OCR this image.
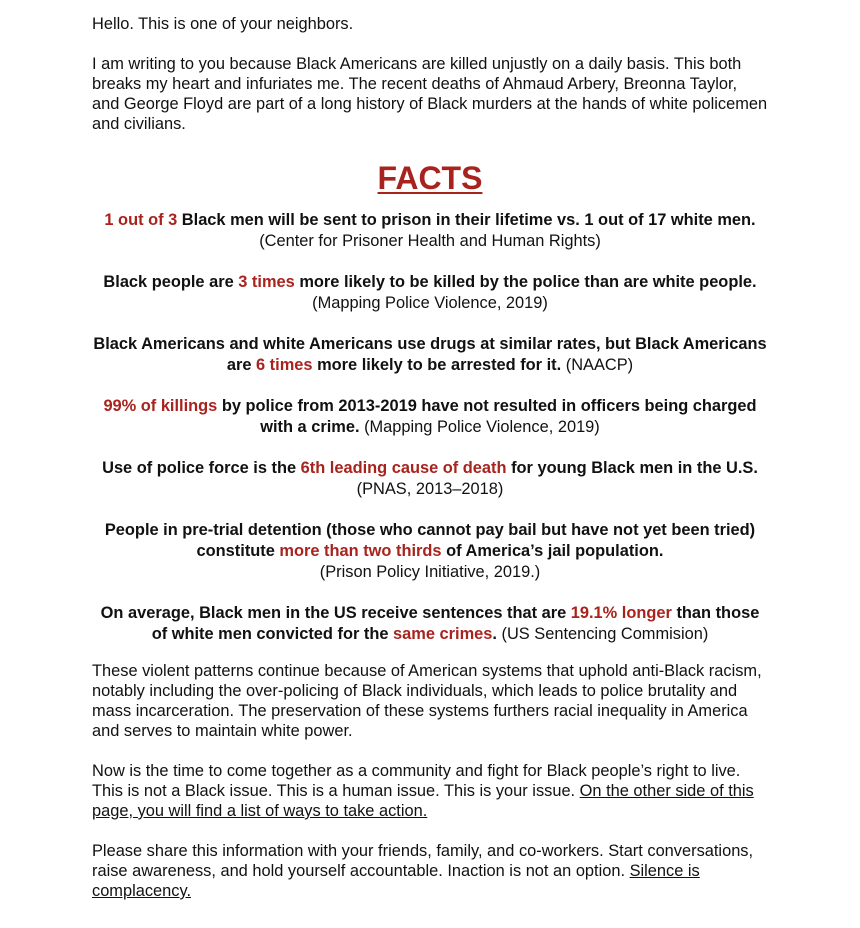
Hello. This is one of your neighbors.

I am writing to you because Black Americans are killed unjustly on a daily basis. This both breaks my heart and infuriates me. The recent deaths of Ahmaud Arbery, Breonna Taylor, and George Floyd are part of a long history of Black murders at the hands of white policemen and civilians.

FACTS

1 out of 3 Black men will be sent to prison in their lifetime vs. 1 out of 17 white men. (Center for Prisoner Health and Human Rights)

Black people are 3 times more likely to be killed by the police than are white people. (Mapping Police Violence, 2019)

Black Americans and white Americans use drugs at similar rates, but Black Americans are 6 times more likely to be arrested for it. (NAACP)

99% of killings by police from 2013-2019 have not resulted in officers being charged with a crime. (Mapping Police Violence, 2019)

Use of police force is the 6th leading cause of death for young Black men in the U.S. (PNAS, 2013–2018)

People in pre-trial detention (those who cannot pay bail but have not yet been tried) constitute more than two thirds of America’s jail population.
(Prison Policy Initiative, 2019.)

On average, Black men in the US receive sentences that are 19.1% longer than those of white men convicted for the same crimes. (US Sentencing Commision)

These violent patterns continue because of American systems that uphold anti-Black racism, notably including the over-policing of Black individuals, which leads to police brutality and mass incarceration. The preservation of these systems furthers racial inequality in America and serves to maintain white power.

Now is the time to come together as a community and fight for Black people’s right to live. This is not a Black issue. This is a human issue. This is your issue. On the other side of this page, you will find a list of ways to take action.

Please share this information with your friends, family, and co-workers. Start conversations, raise awareness, and hold yourself accountable. Inaction is not an option. Silence is complacency.
